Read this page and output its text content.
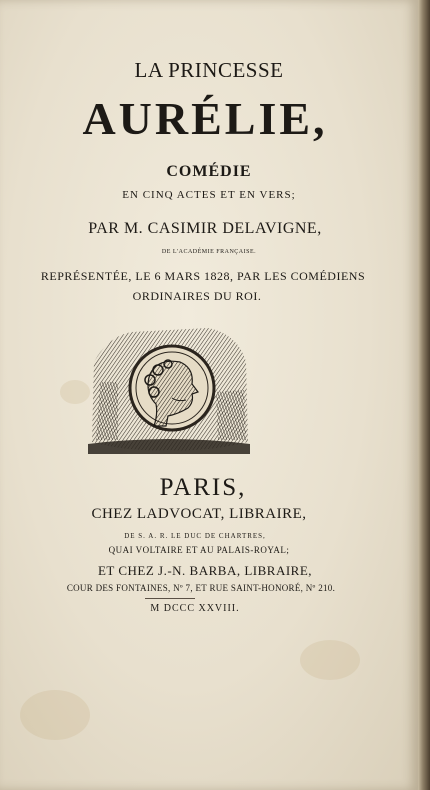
LA PRINCESSE
AURÉLIE,
COMÉDIE
EN CINQ ACTES ET EN VERS;
PAR M. CASIMIR DELAVIGNE,
DE L'ACADÉMIE FRANÇAISE.
REPRÉSENTÉE, LE 6 MARS 1828, PAR LES COMÉDIENS
ORDINAIRES DU ROI.
PARIS,
CHEZ LADVOCAT, LIBRAIRE,
DE S. A. R. LE DUC DE CHARTRES,
QUAI VOLTAIRE ET AU PALAIS-ROYAL;
ET CHEZ J.-N. BARBA, LIBRAIRE,
COUR DES FONTAINES, Nº 7, ET RUE SAINT-HONORÉ, Nº 210.
M DCCC XXVIII.
